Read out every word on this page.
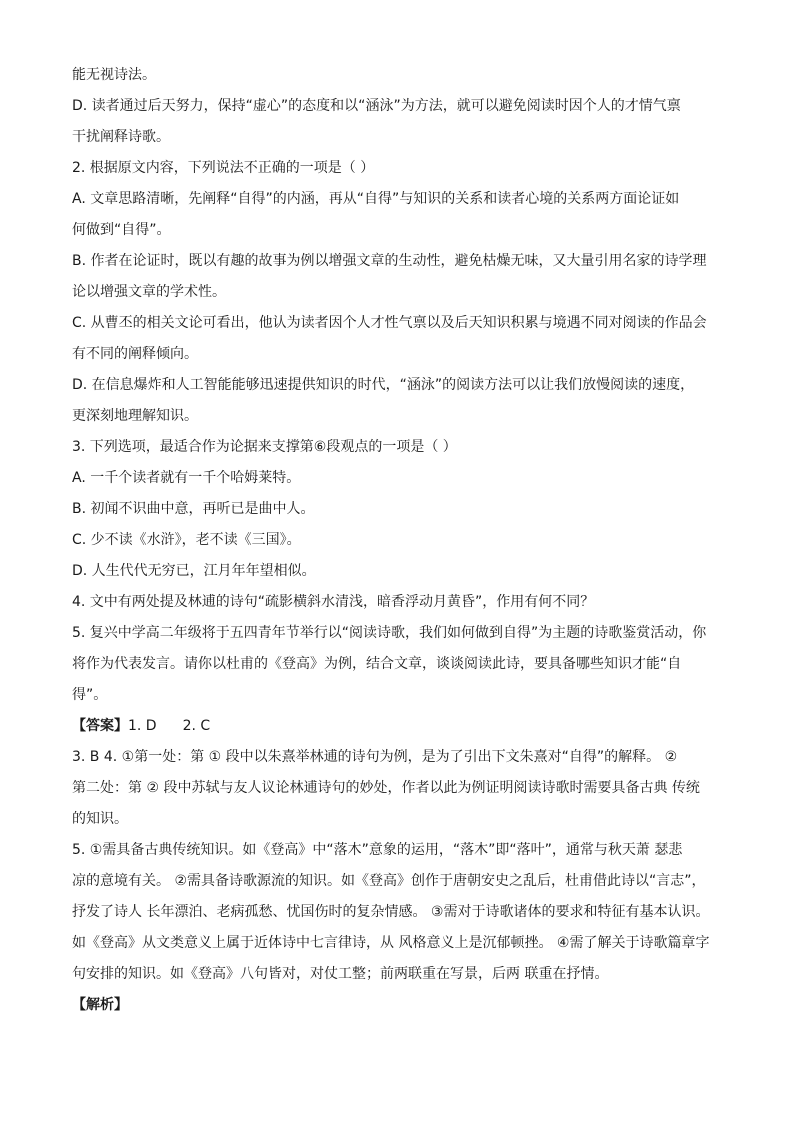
能无视诗法。
D. 读者通过后天努力，保持“虚心”的态度和以“涵泳”为方法，就可以避免阅读时因个人的才情气禀
干扰阐释诗歌。
2. 根据原文内容，下列说法不正确的一项是（ ）
A. 文章思路清晰，先阐释“自得”的内涵，再从“自得”与知识的关系和读者心境的关系两方面论证如
何做到“自得”。
B. 作者在论证时，既以有趣的故事为例以增强文章的生动性，避免枯燥无味，又大量引用名家的诗学理
论以增强文章的学术性。
C. 从曹丕的相关文论可看出，他认为读者因个人才性气禀以及后天知识积累与境遇不同对阅读的作品会
有不同的阐释倾向。
D. 在信息爆炸和人工智能能够迅速提供知识的时代，“涵泳”的阅读方法可以让我们放慢阅读的速度，
更深刻地理解知识。
3. 下列选项，最适合作为论据来支撑第⑥段观点的一项是（ ）
A. 一千个读者就有一千个哈姆莱特。
B. 初闻不识曲中意，再听已是曲中人。
C. 少不读《水浒》，老不读《三国》。
D. 人生代代无穷已，江月年年望相似。
4. 文中有两处提及林逋的诗句“疏影横斜水清浅，暗香浮动月黄昏”，作用有何不同？
5. 复兴中学高二年级将于五四青年节举行以“阅读诗歌，我们如何做到自得”为主题的诗歌鉴赏活动，你
将作为代表发言。请你以杜甫的《登高》为例，结合文章，谈谈阅读此诗，要具备哪些知识才能“自
得”。
【答案】1. D 2. C
3. B 4. ①第一处：第 ① 段中以朱熹举林逋的诗句为例，是为了引出下文朱熹对“自得”的解释。 ②
第二处：第 ② 段中苏轼与友人议论林逋诗句的妙处，作者以此为例证明阅读诗歌时需要具备古典 传统
的知识。
5. ①需具备古典传统知识。如《登高》中“落木”意象的运用，“落木”即“落叶”，通常与秋天萧 瑟悲
凉的意境有关。 ②需具备诗歌源流的知识。如《登高》创作于唐朝安史之乱后，杜甫借此诗以“言志”，
抒发了诗人 长年漂泊、老病孤愁、忧国伤时的复杂情感。 ③需对于诗歌诸体的要求和特征有基本认识。
如《登高》从文类意义上属于近体诗中七言律诗，从 风格意义上是沉郁顿挫。 ④需了解关于诗歌篇章字
句安排的知识。如《登高》八句皆对，对仗工整；前两联重在写景，后两 联重在抒情。
【解析】
